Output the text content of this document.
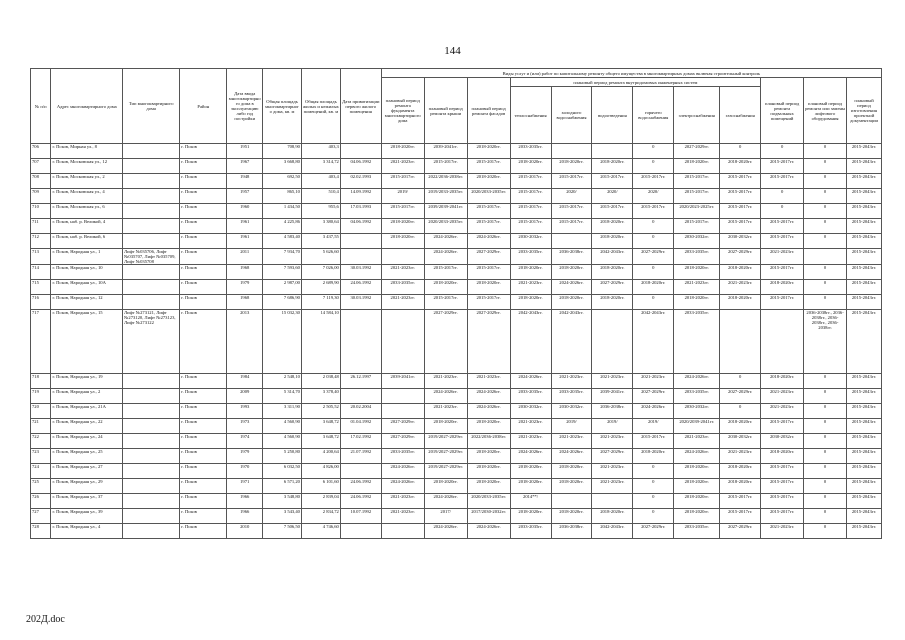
144
№ п/п	Адрес многоквартирного дома	Тип многоквартирного дома	Район	Дата ввода многоквартирного дома в эксплуатацию либо год постройки	Общая площадь многоквартирного дома, кв. м	Общая площадь жилых и нежилых помещений, кв. м	Дата приватизации первого жилого помещения	Виды услуг и (или) работ по капитальному ремонту общего имущества в многоквартирных домах включая строительный контроль											
								плановый период ремонта фундамента многоквартирного дома	плановый период ремонта крыши	плановый период ремонта фасадов	плановый период ремонта внутридомовых инженерных систем						плановый период ремонта подвальных помещений	плановый период ремонта или замены лифтового оборудования	плановый период изготовления проектной документации
											теплоснабжения	холодного водоснабжения	водоотведения	горячего водоснабжения	электроснабжения	газоснабжения			
706	г. Псков, Мирная ул., 8		г. Псков	1951	708,90	403,3		2018-2020гг.	2039-2041гг.	2018-2020гг.	2033-2035гг.			0	2027-2029гг.	0	0	0	2015-2043гг.
707	г. Псков, Московская ул., 12		г. Псков	1967	3 668,80	3 314,72	04.06.1992	2021-2023гг.	2015-2017гг.	2015-2017гг.	2018-2020гг.	2018-2020гг.	2018-2020гг.	0	2018-2020гг.	2018-2020гг.	2015-2017гг.	0	2015-2043гг.
708	г. Псков, Московская ул., 2		г. Псков	1948	692,50	403,4	02.02.1993	2015-2017гг.	2022/2036-2038гг.	2018-2020гг.	2015-2017гг.	2015-2017гг.	2015-2017гг.	2015-2017гг.	2015-2017гг.	2015-2017гг.	2015-2017гг.	0	2015-2043гг.
709	г. Псков, Московская ул., 4		г. Псков	1957	865,10	510,4	14.09.1992	2019/	2019/2033-2035гг.	2020/2033-2035гг.	2015-2017гг.	2020/	2020/	2020/	2015-2017гг.	2015-2017гг.	0	0	2015-2043гг.
710	г. Псков, Московская ул., 6		г. Псков	1960	1 434,50	955,6	17.03.1993	2015-2017гг.	2039/2039-2041гг.	2015-2017гг.	2015-2017гг.	2015-2017гг.	2015-2017гг.	2015-2017гг.	2020/2023-2025гг.	2015-2017гг.	0	0	2015-2043гг.
711	г. Псков, наб. р. Великой, 4		г. Псков	1961	4 225,86	3 380,64	04.06.1992	2018-2020гг.	2020/2033-2035гг.	2015-2017гг.	2015-2017гг.	2015-2017гг.	2018-2020гг.	0	2015-2017гг.	2015-2017гг.	2015-2017гг.	0	2015-2043гг.
712	г. Псков, наб. р. Великой, 6		г. Псков	1961	4 583,40	3 437,55		2018-2020гг.	2024-2026гг.	2024-2026гг.	2030-2032гг.		2018-2020гг.	0	2030-2032гг.	2030-2032гг.	2015-2017гг.	0	2015-2043гг.
713	г. Псков, Народная ул., 1	Лифт №035706, Лифт №035707, Лифт №035709, Лифт №035708	г. Псков	2011	7 934,70	5 626,60			2024-2026гг.	2027-2029гг.	2033-2035гг.	2036-2038гг.	2042-2043гг.	2027-2029гг.	2033-2035гг.	2027-2029гг.	2021-2023гг.		2015-2043гг.
714	г. Псков, Народная ул., 10		г. Псков	1968	7 593,60	7 026,00	30.03.1992	2021-2023гг.	2015-2017гг.	2015-2017гг.	2018-2020гг.	2018-2020гг.	2018-2020гг.	0	2018-2020гг.	2018-2020гг.	2015-2017гг.	0	2015-2043гг.
715	г. Псков, Народная ул., 10А		г. Псков	1979	2 987,00	2 689,90	24.06.1992	2033-2035гг.	2018-2020гг.	2018-2020гг.	2021-2023гг.	2024-2026гг.	2027-2029гг.	2018-2020гг.	2021-2023гг.	2021-2023гг.	2018-2020гг.	0	2015-2043гг.
716	г. Псков, Народная ул., 12		г. Псков	1968	7 686,90	7 119,30	30.03.1992	2021-2023гг.	2015-2017гг.	2015-2017гг.	2018-2020гг.	2018-2020гг.	2018-2020гг.	0	2018-2020гг.	2018-2020гг.	2015-2017гг.	0	2015-2043гг.
717	г. Псков, Народная ул., 15	Лифт №273121, Лифт №273120, Лифт №273123, Лифт №273122	г. Псков	2013	15 032,30	14 584,10			2027-2029гг.	2027-2029гг.	2042-2043гг.	2042-2043гг.		2042-2043гг.	2033-2035гг.			2036-2038гг., 2036-2038гг., 2036-2038гг., 2036-2038гг.	2015-2043гг.
718	г. Псков, Народная ул., 19		г. Псков	1984	2 548,10	2 038,48	26.12.1997	2039-2041гг.	2021-2023гг.	2021-2023гг.	2024-2026гг.	2021-2023гг.	2021-2023гг.	2021-2023гг.	2024-2026гг.	0	2018-2020гг.	0	2015-2043гг.
719	г. Псков, Народная ул., 2		г. Псков	2009	5 314,70	3 378,40			2024-2026гг.	2024-2026гг.	2033-2035гг.	2033-2035гг.	2039-2041гг.	2027-2029гг.	2033-2035гг.	2027-2029гг.	2021-2023гг.	0	2015-2043гг.
720	г. Псков, Народная ул., 21А		г. Псков	1993	3 311,90	2 505,52	20.02.2004		2021-2023гг.	2024-2026гг.	2030-2032гг.	2030-2032гг.	2036-2038гг.	2024-2026гг.	2030-2032гг.	0	2021-2023гг.	0	2015-2043гг.
721	г. Псков, Народная ул., 22		г. Псков	1973	4 560,90	3 648,72	01.04.1992	2027-2029гг.	2018-2020гг.	2018-2020гг.	2021-2023гг.	2019/	2019/	2019/	2020/2039-2041гг.	2018-2020гг.	2015-2017гг.	0	2015-2043гг.
722	г. Псков, Народная ул., 24		г. Псков	1974	4 560,90	3 648,72	17.02.1992	2027-2029гг.	2019/2027-2029гг.	2022/2036-2038гг.	2021-2023гг.	2021-2023гг.	2021-2023гг.	2015-2017гг.	2021-2023гг.	2030-2032гг.	2030-2032гг.	0	2015-2043гг.
723	г. Псков, Народная ул., 25		г. Псков	1979	5 250,80	4 200,64	21.07.1992	2033-2035гг.	2019/2027-2029гг.	2018-2020гг.	2024-2026гг.	2024-2026гг.	2027-2029гг.	2018-2020гг.	2024-2026гг.	2021-2023гг.	2018-2020гг.	0	2015-2043гг.
724	г. Псков, Народная ул., 27		г. Псков	1970	6 032,50	4 826,00		2024-2026гг.	2019/2027-2029гг.	2018-2020гг.	2018-2020гг.	2018-2020гг.	2021-2023гг.	0	2018-2020гг.	2018-2020гг.	2015-2017гг.	0	2015-2043гг.
725	г. Псков, Народная ул., 29		г. Псков	1971	6 571,20	6 101,60	24.06.1992	2024-2026гг.	2018-2020гг.	2018-2020гг.	2018-2020гг.	2018-2020гг.	2021-2023гг.	0	2018-2020гг.	2018-2020гг.	2015-2017гг.	0	2015-2043гг.
726	г. Псков, Народная ул., 37		г. Псков	1966	3 548,80	2 839,04	24.06.1992	2021-2023гг.	2024-2026гг.	2020/2033-2035гг.	2014**/			0	2018-2020гг.	2015-2017гг.	2015-2017гг.	0	2015-2043гг.
727	г. Псков, Народная ул., 39		г. Псков	1966	3 543,40	2 834,72	10.07.1992	2021-2023гг.	2017/	2017/2030-2032гг.	2018-2020гг.	2018-2020гг.	2018-2020гг.	0	2018-2020гг.	2015-2017гг.	2015-2017гг.	0	2015-2043гг.
728	г. Псков, Народная ул., 4		г. Псков	2010	7 506,50	4 746,60			2024-2026гг.	2024-2026гг.	2033-2035гг.	2036-2038гг.	2042-2043гг.	2027-2029гг.	2033-2035гг.	2027-2029гг.	2021-2023гг.	0	2015-2043гг.
202Д.doc
